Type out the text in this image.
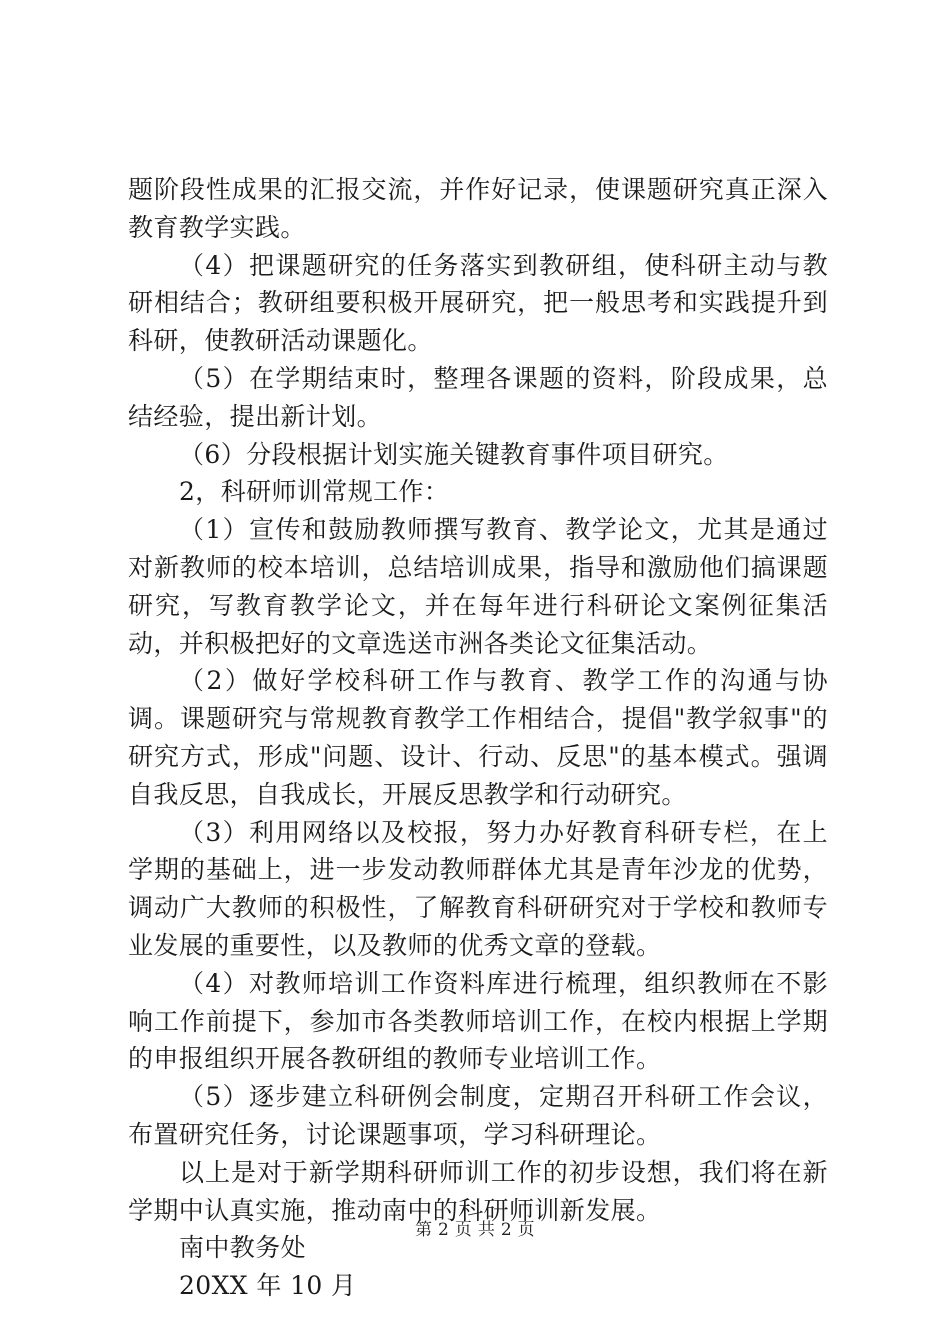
题阶段性成果的汇报交流，并作好记录，使课题研究真正深入教育教学实践。

（4）把课题研究的任务落实到教研组，使科研主动与教研相结合；教研组要积极开展研究，把一般思考和实践提升到科研，使教研活动课题化。

（5）在学期结束时，整理各课题的资料，阶段成果，总结经验，提出新计划。

（6）分段根据计划实施关键教育事件项目研究。

2，科研师训常规工作：

（1）宣传和鼓励教师撰写教育、教学论文，尤其是通过对新教师的校本培训，总结培训成果，指导和激励他们搞课题研究，写教育教学论文，并在每年进行科研论文案例征集活动，并积极把好的文章选送市洲各类论文征集活动。

（2）做好学校科研工作与教育、教学工作的沟通与协调。课题研究与常规教育教学工作相结合，提倡"教学叙事"的研究方式，形成"问题、设计、行动、反思"的基本模式。强调自我反思，自我成长，开展反思教学和行动研究。

（3）利用网络以及校报，努力办好教育科研专栏，在上学期的基础上，进一步发动教师群体尤其是青年沙龙的优势，调动广大教师的积极性，了解教育科研研究对于学校和教师专业发展的重要性，以及教师的优秀文章的登载。

（4）对教师培训工作资料库进行梳理，组织教师在不影响工作前提下，参加市各类教师培训工作，在校内根据上学期的申报组织开展各教研组的教师专业培训工作。

（5）逐步建立科研例会制度，定期召开科研工作会议，布置研究任务，讨论课题事项，学习科研理论。

以上是对于新学期科研师训工作的初步设想，我们将在新学期中认真实施，推动南中的科研师训新发展。

南中教务处

20XX 年 10 月

第 2 页 共 2 页
